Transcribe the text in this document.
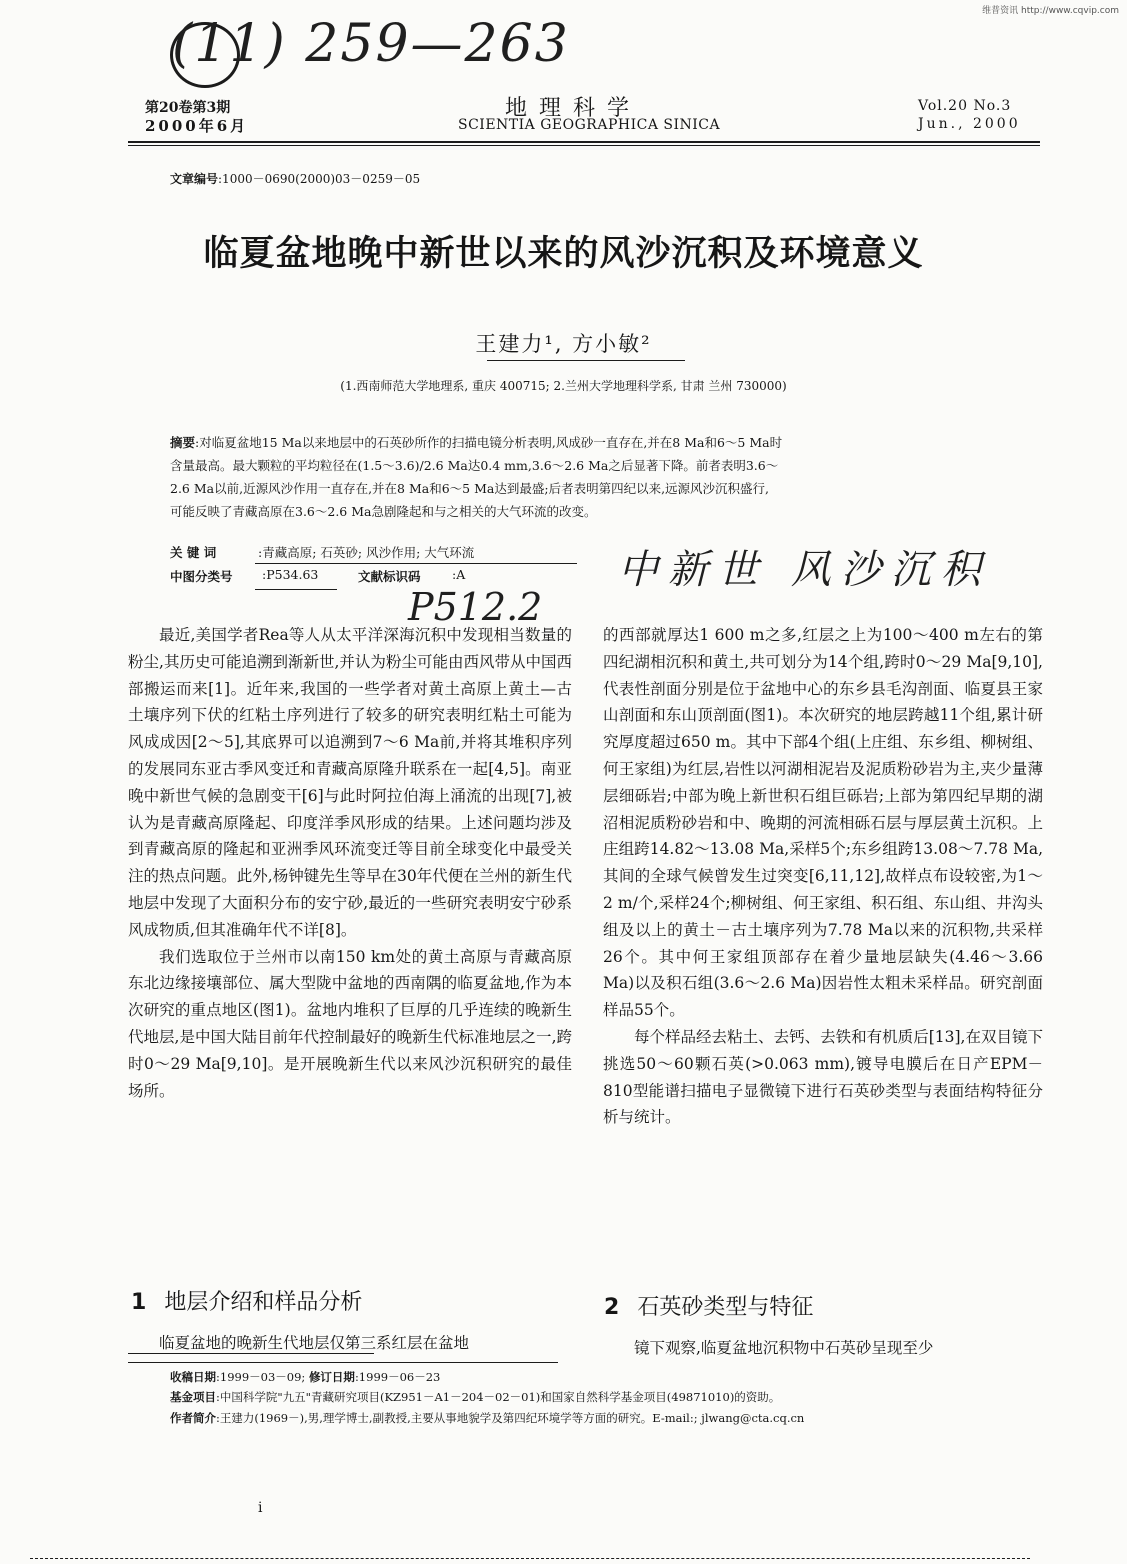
维普资讯 http://www.cqvip.com
(11) 259—263
第20卷第3期
2000年6月
地理科学
SCIENTIA GEOGRAPHICA SINICA
Vol.20 No.3
Jun., 2000
文章编号:1000－0690(2000)03－0259－05
临夏盆地晚中新世以来的风沙沉积及环境意义
王建力¹, 方小敏²
(1.西南师范大学地理系, 重庆 400715; 2.兰州大学地理科学系, 甘肃 兰州 730000)
摘要:对临夏盆地15 Ma以来地层中的石英砂所作的扫描电镜分析表明,风成砂一直存在,并在8 Ma和6～5 Ma时
含量最高。最大颗粒的平均粒径在(1.5～3.6)/2.6 Ma达0.4 mm,3.6～2.6 Ma之后显著下降。前者表明3.6～
2.6 Ma以前,近源风沙作用一直存在,并在8 Ma和6～5 Ma达到最盛;后者表明第四纪以来,远源风沙沉积盛行,
可能反映了青藏高原在3.6～2.6 Ma急剧隆起和与之相关的大气环流的改变。
关 键 词	:青藏高原; 石英砂; 风沙作用; 大气环流
中图分类号 :P534.63	文献标识码	:A	中新世 风沙沉积
P512.2

最近,美国学者Rea等人从太平洋深海沉积中发现相当数量的粉尘,其历史可能追溯到渐新世,并认为粉尘可能由西风带从中国西部搬运而来[1]。近年来,我国的一些学者对黄土高原上黄土—古土壤序列下伏的红粘土序列进行了较多的研究表明红粘土可能为风成成因[2～5],其底界可以追溯到7～6 Ma前,并将其堆积序列的发展同东亚古季风变迁和青藏高原隆升联系在一起[4,5]。南亚晚中新世气候的急剧变干[6]与此时阿拉伯海上涌流的出现[7],被认为是青藏高原隆起、印度洋季风形成的结果。上述问题均涉及到青藏高原的隆起和亚洲季风环流变迁等目前全球变化中最受关注的热点问题。此外,杨钟键先生等早在30年代便在兰州的新生代地层中发现了大面积分布的安宁砂,最近的一些研究表明安宁砂系风成物质,但其准确年代不详[8]。

我们选取位于兰州市以南150 km处的黄土高原与青藏高原东北边缘接壤部位、属大型陇中盆地的西南隅的临夏盆地,作为本次研究的重点地区(图1)。盆地内堆积了巨厚的几乎连续的晚新生代地层,是中国大陆目前年代控制最好的晚新生代标准地层之一,跨时0～29 Ma[9,10]。是开展晚新生代以来风沙沉积研究的最佳场所。

的西部就厚达1 600 m之多,红层之上为100～400 m左右的第四纪湖相沉积和黄土,共可划分为14个组,跨时0～29 Ma[9,10],代表性剖面分别是位于盆地中心的东乡县毛沟剖面、临夏县王家山剖面和东山顶剖面(图1)。本次研究的地层跨越11个组,累计研究厚度超过650 m。其中下部4个组(上庄组、东乡组、柳树组、何王家组)为红层,岩性以河湖相泥岩及泥质粉砂岩为主,夹少量薄层细砾岩;中部为晚上新世积石组巨砾岩;上部为第四纪早期的湖沼相泥质粉砂岩和中、晚期的河流相砾石层与厚层黄土沉积。上庄组跨14.82～13.08 Ma,采样5个;东乡组跨13.08～7.78 Ma,其间的全球气候曾发生过突变[6,11,12],故样点布设较密,为1～2 m/个,采样24个;柳树组、何王家组、积石组、东山组、井沟头组及以上的黄土－古土壤序列为7.78 Ma以来的沉积物,共采样26个。其中何王家组顶部存在着少量地层缺失(4.46～3.66 Ma)以及积石组(3.6～2.6 Ma)因岩性太粗未采样品。研究剖面样品55个。

每个样品经去粘土、去钙、去铁和有机质后[13],在双目镜下挑选50～60颗石英(>0.063 mm),镀导电膜后在日产EPM－810型能谱扫描电子显微镜下进行石英砂类型与表面结构特征分析与统计。

1 地层介绍和样品分析	2 石英砂类型与特征
临夏盆地的晚新生代地层仅第三系红层在盆地	镜下观察,临夏盆地沉积物中石英砂呈现至少
收稿日期:1999－03－09; 修订日期:1999－06－23
基金项目:中国科学院"九五"青藏研究项目(KZ951－A1－204－02－01)和国家自然科学基金项目(49871010)的资助。
作者简介:王建力(1969－),男,理学博士,副教授,主要从事地貌学及第四纪环境学等方面的研究。E-mail:; jlwang@cta.cq.cn
i
